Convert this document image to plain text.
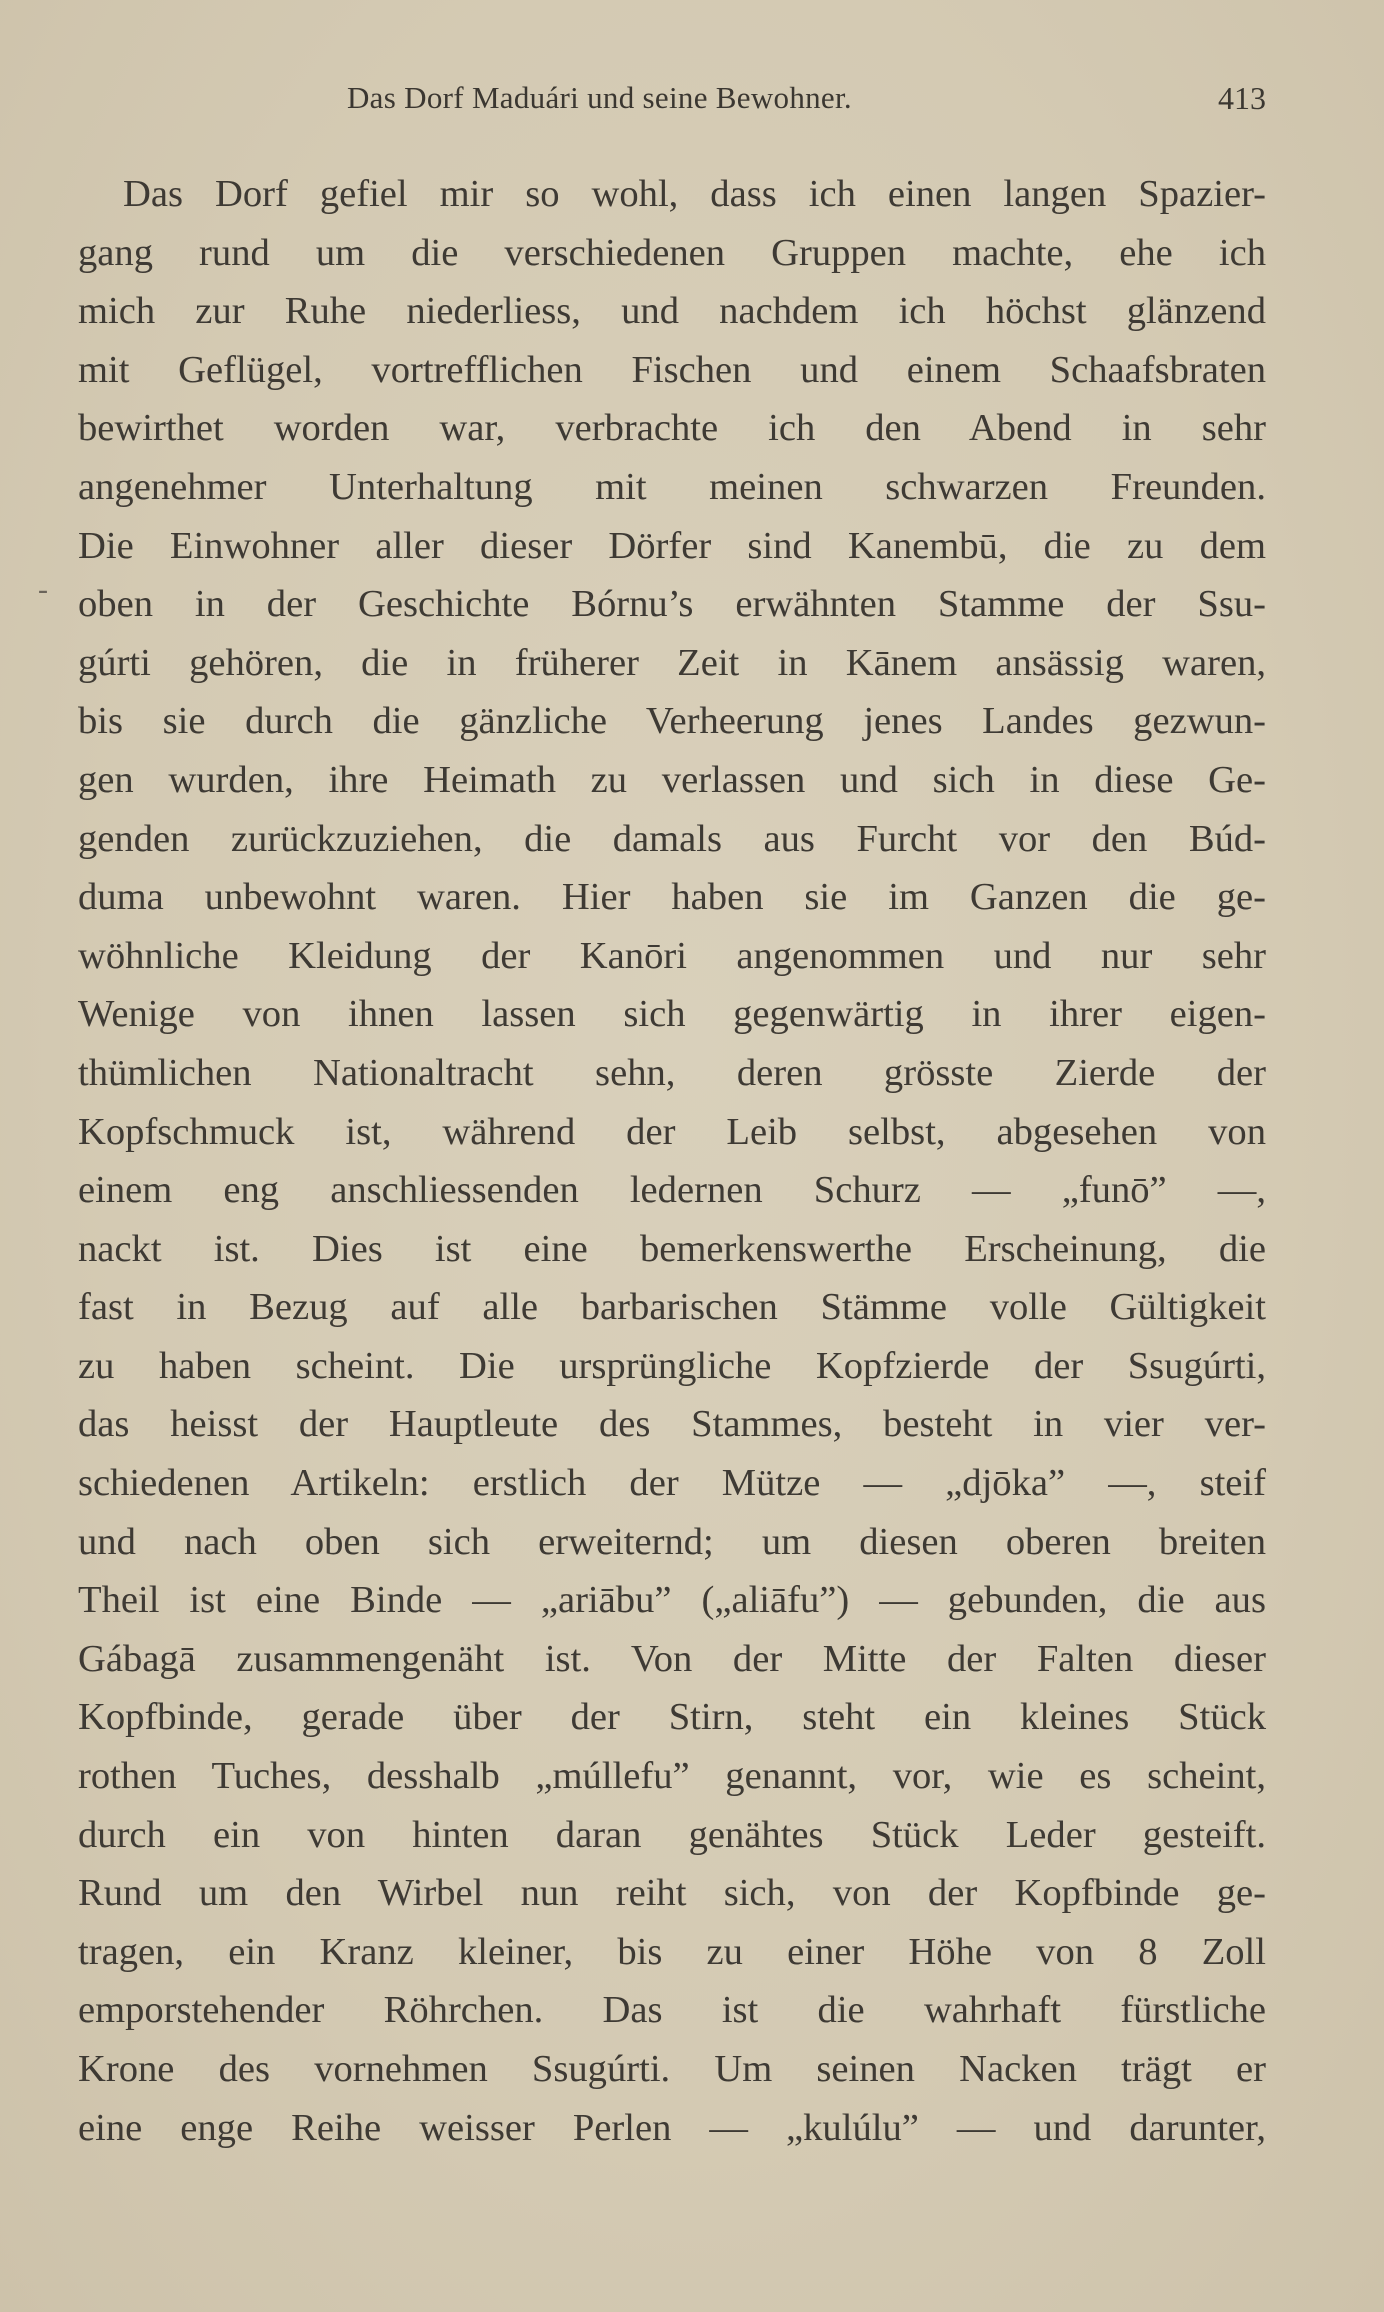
Das Dorf Maduári und seine Bewohner.	413
-
Das Dorf gefiel mir so wohl, dass ich einen langen Spazier-
gang rund um die verschiedenen Gruppen machte, ehe ich
mich zur Ruhe niederliess, und nachdem ich höchst glänzend
mit Geflügel, vortrefflichen Fischen und einem Schaafsbraten
bewirthet worden war, verbrachte ich den Abend in sehr
angenehmer Unterhaltung mit meinen schwarzen Freunden.
Die Einwohner aller dieser Dörfer sind Kanembū, die zu dem
oben in der Geschichte Bórnu’s erwähnten Stamme der Ssu-
gúrti gehören, die in früherer Zeit in Kānem ansässig waren,
bis sie durch die gänzliche Verheerung jenes Landes gezwun-
gen wurden, ihre Heimath zu verlassen und sich in diese Ge-
genden zurückzuziehen, die damals aus Furcht vor den Búd-
duma unbewohnt waren. Hier haben sie im Ganzen die ge-
wöhnliche Kleidung der Kanōri angenommen und nur sehr
Wenige von ihnen lassen sich gegenwärtig in ihrer eigen-
thümlichen Nationaltracht sehn, deren grösste Zierde der
Kopfschmuck ist, während der Leib selbst, abgesehen von
einem eng anschliessenden ledernen Schurz — „funō” —,
nackt ist. Dies ist eine bemerkenswerthe Erscheinung, die
fast in Bezug auf alle barbarischen Stämme volle Gültigkeit
zu haben scheint. Die ursprüngliche Kopfzierde der Ssugúrti,
das heisst der Hauptleute des Stammes, besteht in vier ver-
schiedenen Artikeln: erstlich der Mütze — „djōka” —, steif
und nach oben sich erweiternd; um diesen oberen breiten
Theil ist eine Binde — „ariābu” („aliāfu”) — gebunden, die aus
Gábagā zusammengenäht ist. Von der Mitte der Falten dieser
Kopfbinde, gerade über der Stirn, steht ein kleines Stück
rothen Tuches, desshalb „múllefu” genannt, vor, wie es scheint,
durch ein von hinten daran genähtes Stück Leder gesteift.
Rund um den Wirbel nun reiht sich, von der Kopfbinde ge-
tragen, ein Kranz kleiner, bis zu einer Höhe von 8 Zoll
emporstehender Röhrchen. Das ist die wahrhaft fürstliche
Krone des vornehmen Ssugúrti. Um seinen Nacken trägt er
eine enge Reihe weisser Perlen — „kulúlu” — und darunter,
